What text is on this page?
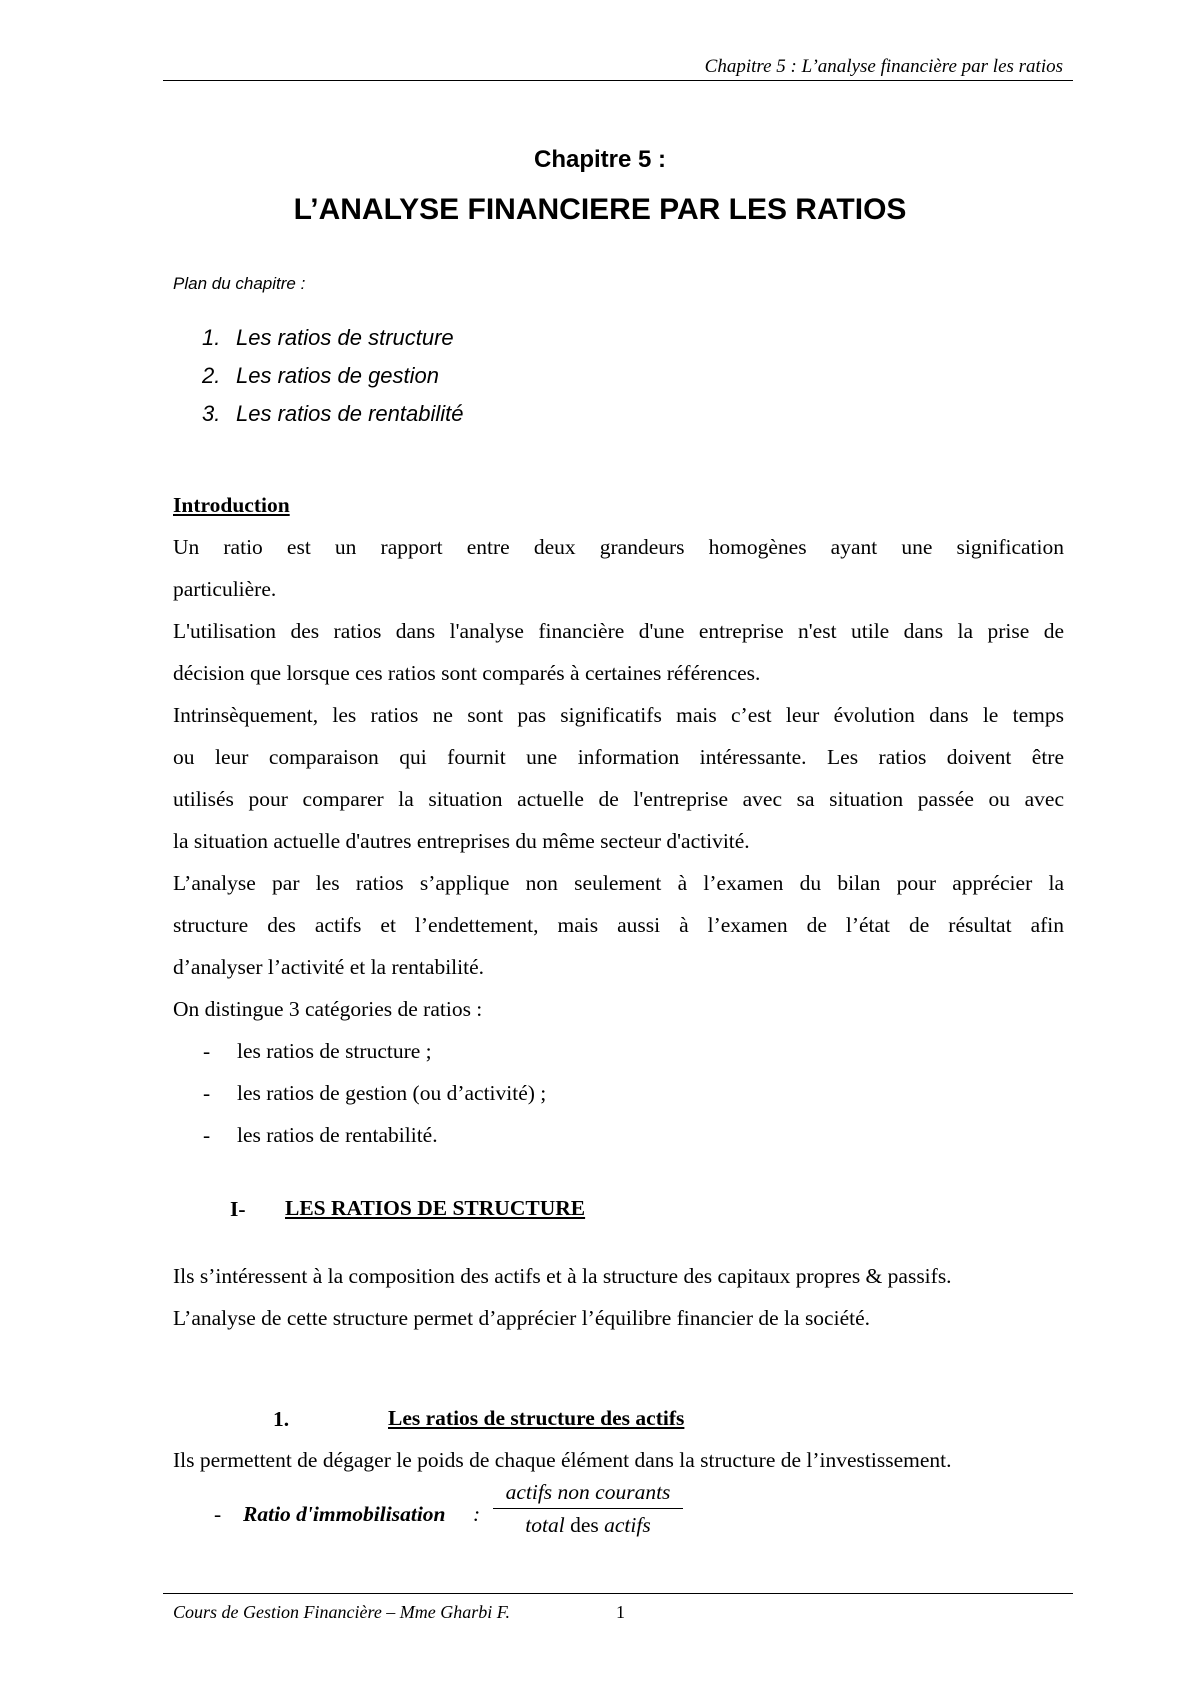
Chapitre 5 : L’analyse financière par les ratios
Chapitre 5 :
L’ANALYSE FINANCIERE PAR LES RATIOS
Plan du chapitre :
1. Les ratios de structure
2. Les ratios de gestion
3. Les ratios de rentabilité
Introduction
Un ratio est un rapport entre deux grandeurs homogènes ayant une signification
particulière.
L'utilisation des ratios dans l'analyse financière d'une entreprise n'est utile dans la prise de
décision que lorsque ces ratios sont comparés à certaines références.
Intrinsèquement, les ratios ne sont pas significatifs mais c’est leur évolution dans le temps
ou leur comparaison qui fournit une information intéressante. Les ratios doivent être
utilisés pour comparer la situation actuelle de l'entreprise avec sa situation passée ou avec
la situation actuelle d'autres entreprises du même secteur d'activité.
L’analyse par les ratios s’applique non seulement à l’examen du bilan pour apprécier la
structure des actifs et l’endettement, mais aussi à l’examen de l’état de résultat afin
d’analyser l’activité et la rentabilité.
On distingue 3 catégories de ratios :
- les ratios de structure ;
- les ratios de gestion (ou d’activité) ;
- les ratios de rentabilité.
I- LES RATIOS DE STRUCTURE
Ils s’intéressent à la composition des actifs et à la structure des capitaux propres & passifs.
L’analyse de cette structure permet d’apprécier l’équilibre financier de la société.
1.	Les ratios de structure des actifs
Ils permettent de dégager le poids de chaque élément dans la structure de l’investissement.
- Ratio d'immobilisation :
actifs non courants
total des actifs
Cours de Gestion Financière – Mme Gharbi F.	1
